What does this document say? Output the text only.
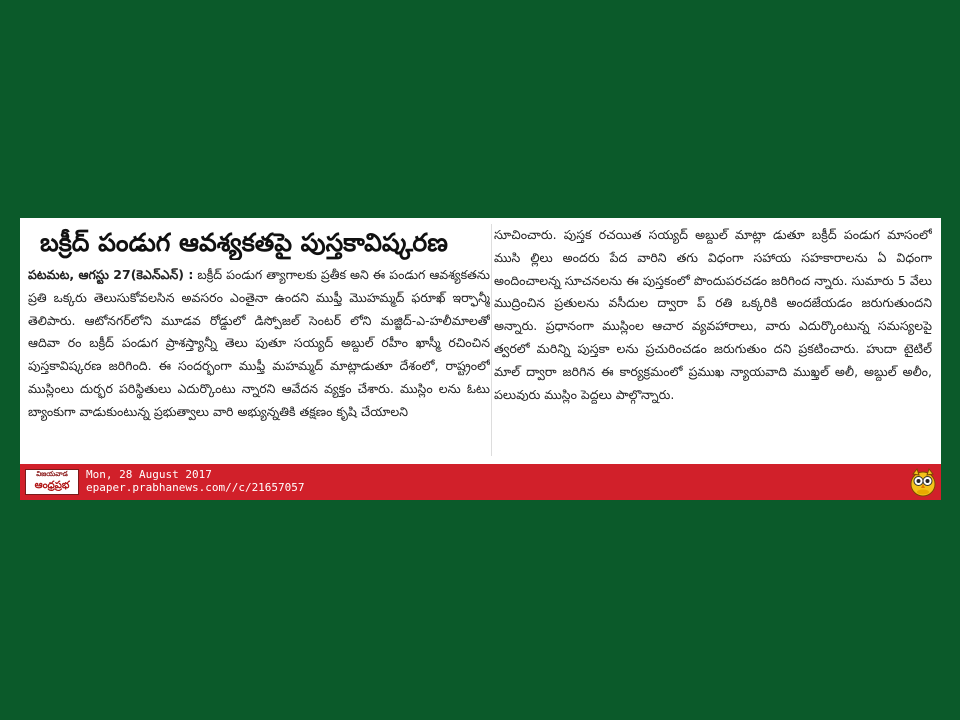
బక్రీద్ పండుగ ఆవశ్యకతపై పుస్తకావిష్కరణ

పటమట, ఆగస్టు 27(కెఎన్ఎన్) : బక్రీద్ పండుగ త్యాగాలకు ప్రతీక అని ఈ పండుగ ఆవశ్యకతను ప్రతి ఒక్కరు తెలుసుకోవలసిన అవసరం ఎంతైనా ఉందని ముఫ్తీ మొహమ్మద్ ఫరూఖ్ ఇర్ఫాన్మీ తెలిపారు. ఆటోనగర్‌లోని మూడవ రోడ్డులో డిస్పోజల్ సెంటర్ లోని మజ్జిద్-ఎ-హలీమాలతో ఆదివా రం బక్రీద్ పండుగ ప్రాశస్త్యాన్నీ తెలు పుతూ సయ్యద్ అబ్దుల్ రహీం ఖాస్మీ రచించిన పుస్తకావిష్కరణ జరిగింది. ఈ సందర్భంగా ముఫ్తీ మహమ్మద్ మాట్లాడుతూ దేశంలో, రాష్ట్రంలో ముస్లింలు దుర్భర పరిస్థితులు ఎదుర్కొంటు న్నారని ఆవేదన వ్యక్తం చేశారు. ముస్లిం లను ఓటు బ్యాంకుగా వాడుకుంటున్న ప్రభుత్వాలు వారి అభ్యున్నతికి తక్షణం కృషి చేయాలని

సూచించారు. పుస్తక రచయిత సయ్యద్ అబ్దుల్ మాట్లా డుతూ బక్రీద్ పండుగ మాసంలో ముసి ల్లిలు అందరు పేద వారిని తగు విధంగా సహాయ సహకారాలను ఏ విధంగా అందించాలన్న సూచనలను ఈ పుస్తకంలో పొందుపరచడం జరిగింద న్నారు. సుమారు 5 వేలు ముద్రించిన ప్రతులను వసీదుల ద్వారా ప్ రతి ఒక్కరికి అందజేయడం జరుగుతుందని అన్నారు. ప్రధానంగా ముస్లింల ఆచార వ్యవహారాలు, వారు ఎదుర్కొంటున్న సమస్యలపై త్వరలో మరిన్ని పుస్తకా లను ప్రచురించడం జరుగుతుం దని ప్రకటించారు. హుదా టైటిల్ మాల్ ద్వారా జరిగిన ఈ కార్యక్రమంలో ప్రముఖ న్యాయవాది ముఖ్తల్ అలీ, అబ్దుల్ అలీం, పలువురు ముస్లిం పెద్దలు పాల్గొన్నారు.

విజయవాడ
ఆంధ్రప్రభ
Mon, 28 August 2017
epaper.prabhanews.com//c/21657057
